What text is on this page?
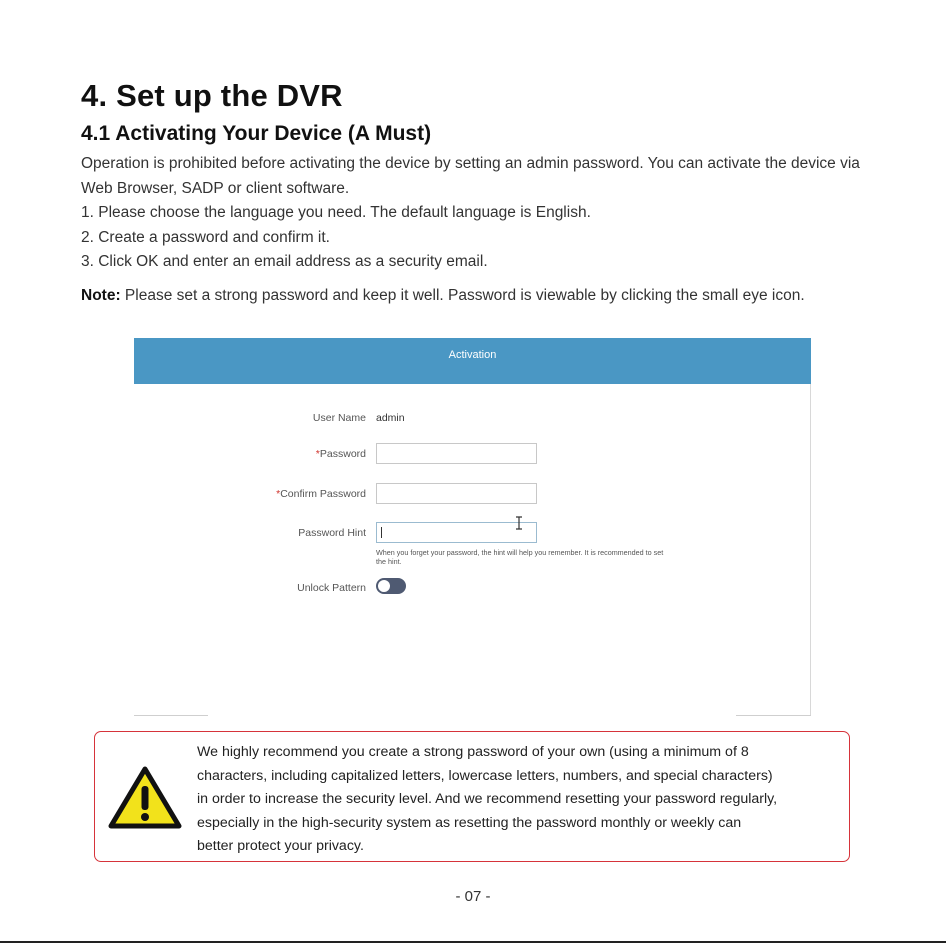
4. Set up the DVR
4.1 Activating Your Device (A Must)

Operation is prohibited before activating the device by setting an admin password. You can activate the device via Web Browser, SADP or client software.

1. Please choose the language you need. The default language is English.
2. Create a password and confirm it.
3. Click OK and enter an email address as a security email.

Note: Please set a strong password and keep it well. Password is viewable by clicking the small eye icon.

Activation
User Name admin
*Password
*Confirm Password
Password Hint
When you forget your password, the hint will help you remember. It is recommended to set the hint.
Unlock Pattern
We highly recommend you create a strong password of your own (using a minimum of 8
characters, including capitalized letters, lowercase letters, numbers, and special characters)
in order to increase the security level. And we recommend resetting your password regularly,
especially in the high-security system as resetting the password monthly or weekly can
better protect your privacy.
- 07 -
